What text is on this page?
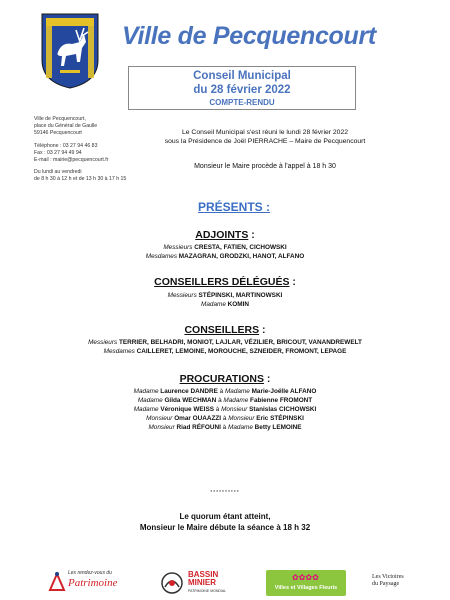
Ville de Pecquencourt
Conseil Municipal
du 28 février 2022
COMPTE-RENDU
Ville de Pecquencourt,
place du Général de Gaulle
59146 Pecquencourt
Téléphone : 03 27 94 46 83
Fax : 03 27 94 49 94
E-mail : mairie@pecquencourt.fr
Du lundi au vendredi
de 8 h 30 à 12 h et de 13 h 30 à 17 h 15
Le Conseil Municipal s'est réuni le lundi 28 février 2022
sous la Présidence de Joël PIERRACHE – Maire de Pecquencourt
Monsieur le Maire procède à l'appel à 18 h 30
PRÉSENTS :
ADJOINTS :
Messieurs CRESTA, FATIEN, CICHOWSKI
Mesdames MAZAGRAN, GRODZKI, HANOT, ALFANO
CONSEILLERS DÉLÉGUÉS :
Messieurs STÉPINSKI, MARTINOWSKI
Madame KOMIN
CONSEILLERS :
Messieurs TERRIER, BELHADRI, MONIOT, LAJLAR, VÉZILIER, BRICOUT, VANANDREWELT
Mesdames CAILLERET, LEMOINE, MOROUCHE, SZNEIDER, FROMONT, LEPAGE
PROCURATIONS :
Madame Laurence DANDRE à Madame Marie-Joëlle ALFANO
Madame Gilda WECHMAN à Madame Fabienne FROMONT
Madame Véronique WEISS à Monsieur Stanislas CICHOWSKI
Monsieur Omar OUAAZZI à Monsieur Eric STÉPINSKI
Monsieur Riad RÉFOUNI à Madame Betty LEMOINE
**********
Le quorum étant atteint,
Monsieur le Maire débute la séance à 18 h 32
Les rendez-vous du
Patrimoine
BASSIN
MINIER
PATRIMOINE MONDIAL
✿✿✿✿
Villes et Villages Fleuris
Les Victoires
du Paysage
